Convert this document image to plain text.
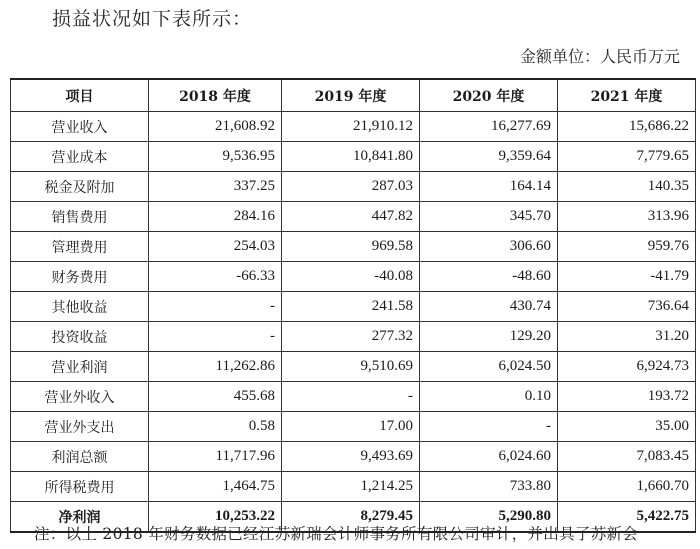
损益状况如下表所示：
金额单位：人民币万元
项目	2018 年度	2019 年度	2020 年度	2021 年度
营业收入	21,608.92	21,910.12	16,277.69	15,686.22
营业成本	9,536.95	10,841.80	9,359.64	7,779.65
税金及附加	337.25	287.03	164.14	140.35
销售费用	284.16	447.82	345.70	313.96
管理费用	254.03	969.58	306.60	959.76
财务费用	-66.33	-40.08	-48.60	-41.79
其他收益	-	241.58	430.74	736.64
投资收益	-	277.32	129.20	31.20
营业利润	11,262.86	9,510.69	6,024.50	6,924.73
营业外收入	455.68	-	0.10	193.72
营业外支出	0.58	17.00	-	35.00
利润总额	11,717.96	9,493.69	6,024.60	7,083.45
所得税费用	1,464.75	1,214.25	733.80	1,660.70
净利润	10,253.22	8,279.45	5,290.80	5,422.75
注：以上 2018 年财务数据已经江苏新瑞会计师事务所有限公司审计，并出具了苏新会
